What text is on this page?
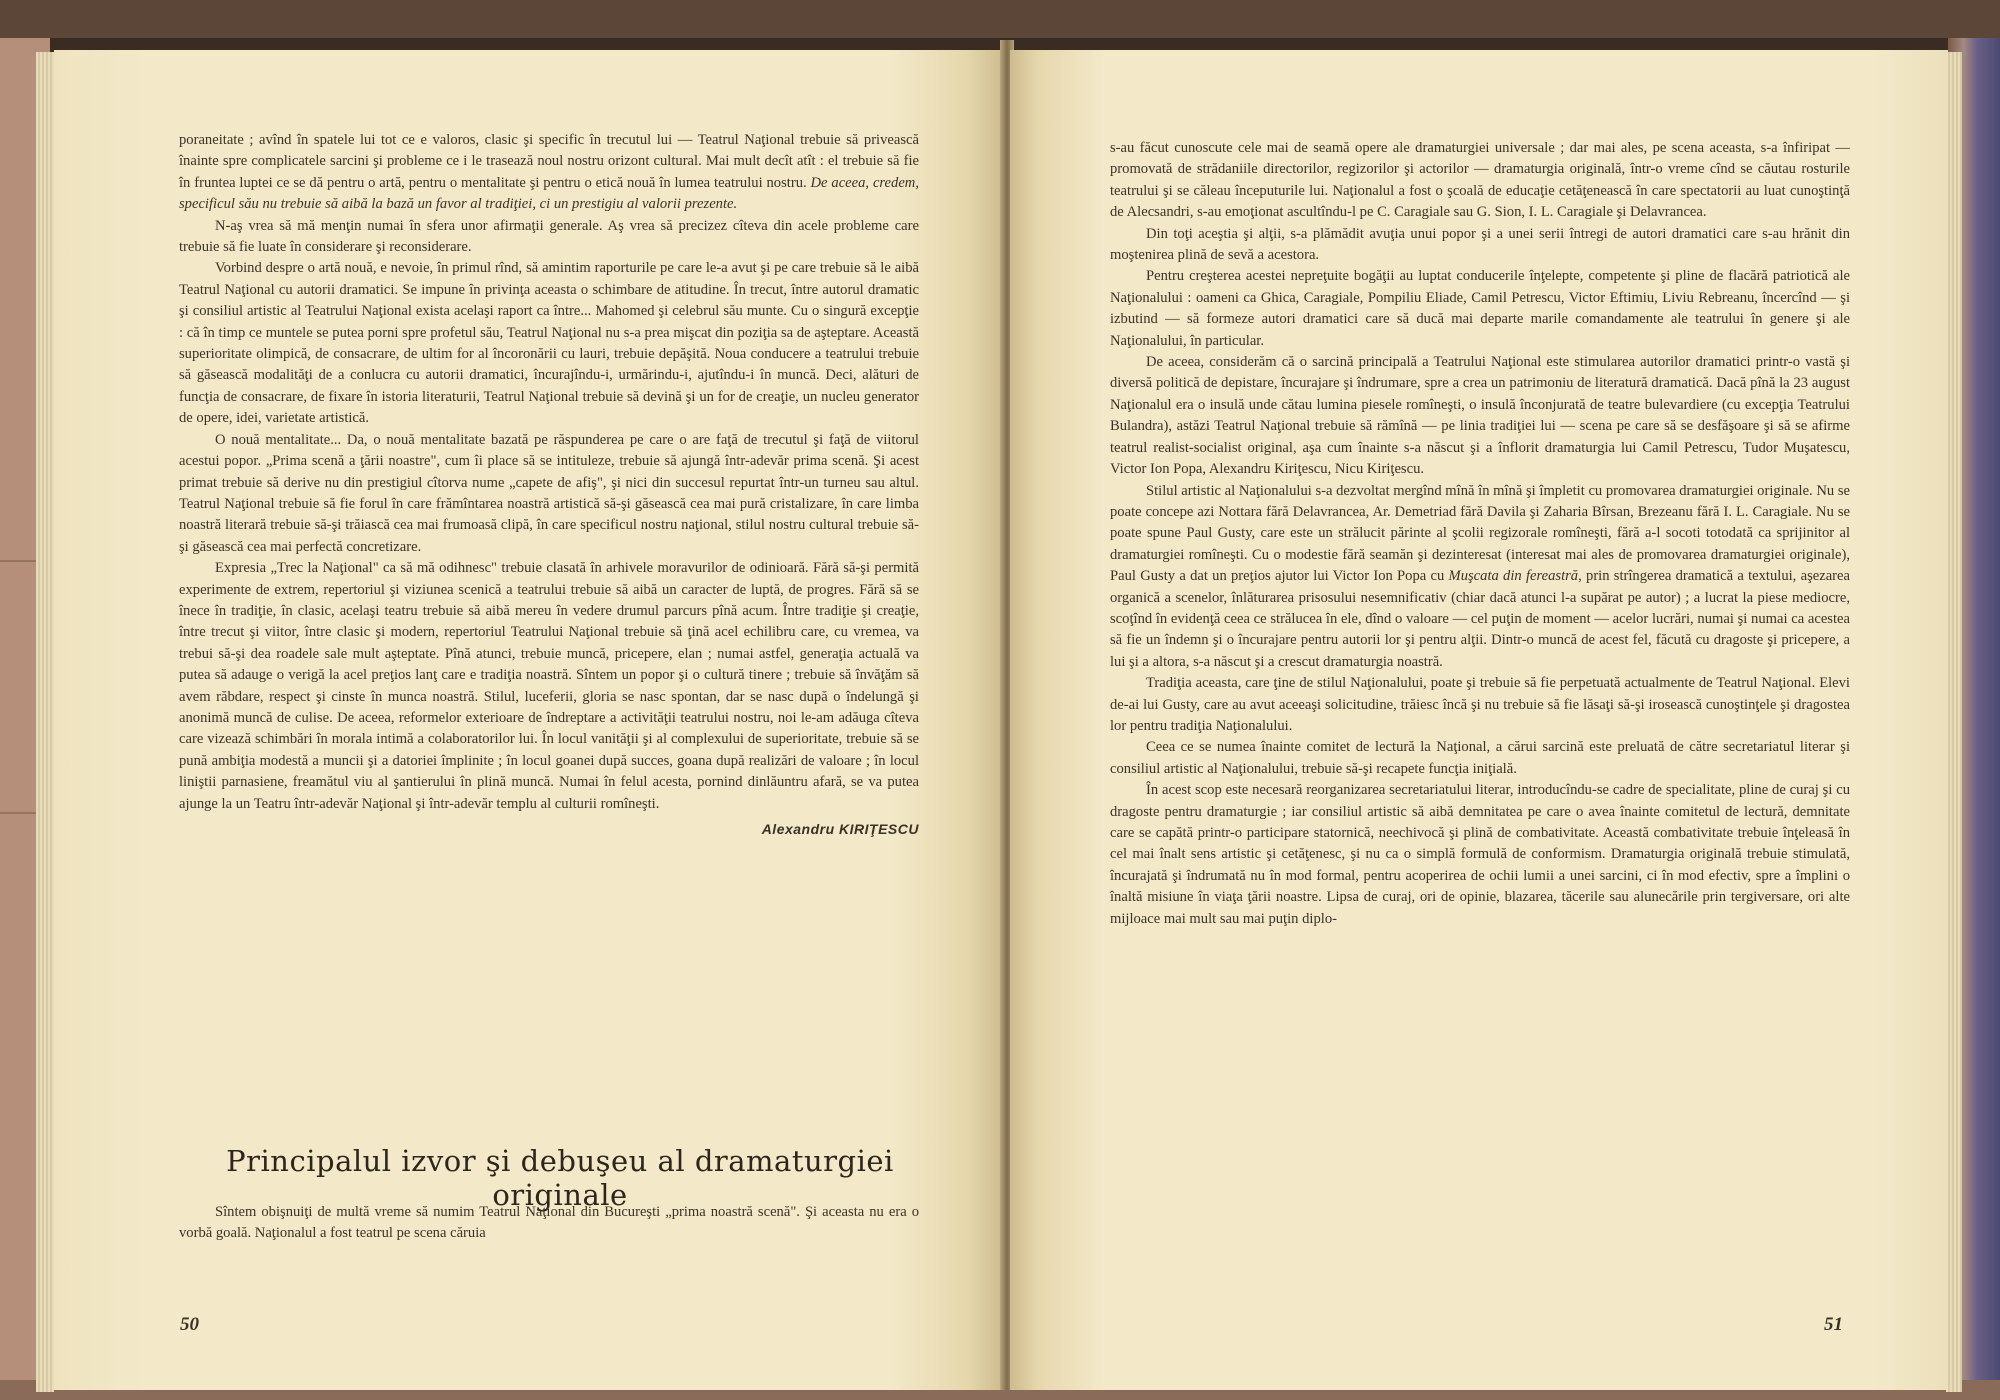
poraneitate ; avînd în spatele lui tot ce e valoros, clasic şi specific în trecutul lui — Teatrul Naţional trebuie să privească înainte spre complicatele sarcini şi probleme ce i le trasează noul nostru orizont cultural. Mai mult decît atît : el trebuie să fie în fruntea luptei ce se dă pentru o artă, pentru o mentalitate şi pentru o etică nouă în lumea teatrului nostru. De aceea, credem, specificul său nu trebuie să aibă la bază un favor al tradiţiei, ci un prestigiu al valorii prezente.

N-aş vrea să mă menţin numai în sfera unor afirmaţii generale. Aş vrea să precizez cîteva din acele probleme care trebuie să fie luate în considerare şi reconsiderare.

Vorbind despre o artă nouă, e nevoie, în primul rînd, să amintim raporturile pe care le-a avut şi pe care trebuie să le aibă Teatrul Naţional cu autorii dramatici. Se impune în privinţa aceasta o schimbare de atitudine. În trecut, între autorul dramatic şi consiliul artistic al Teatrului Naţional exista acelaşi raport ca între... Mahomed şi celebrul său munte. Cu o singură excepţie : că în timp ce muntele se putea porni spre profetul său, Teatrul Naţional nu s-a prea mişcat din poziţia sa de aşteptare. Această superioritate olimpică, de consacrare, de ultim for al încoronării cu lauri, trebuie depăşită. Noua conducere a teatrului trebuie să găsească modalităţi de a conlucra cu autorii dramatici, încurajîndu-i, urmărindu-i, ajutîndu-i în muncă. Deci, alături de funcţia de consacrare, de fixare în istoria literaturii, Teatrul Naţional trebuie să devină şi un for de creaţie, un nucleu generator de opere, idei, varietate artistică.

O nouă mentalitate... Da, o nouă mentalitate bazată pe răspunderea pe care o are faţă de trecutul şi faţă de viitorul acestui popor. „Prima scenă a ţării noastre", cum îi place să se intituleze, trebuie să ajungă într-adevăr prima scenă. Şi acest primat trebuie să derive nu din prestigiul cîtorva nume „capete de afiş", şi nici din succesul repurtat într-un turneu sau altul. Teatrul Naţional trebuie să fie forul în care frămîntarea noastră artistică să-şi găsească cea mai pură cristalizare, în care limba noastră literară trebuie să-şi trăiască cea mai frumoasă clipă, în care specificul nostru naţional, stilul nostru cultural trebuie să-şi găsească cea mai perfectă concretizare.

Expresia „Trec la Naţional" ca să mă odihnesc" trebuie clasată în arhivele moravurilor de odinioară. Fără să-şi permită experimente de extrem, repertoriul şi viziunea scenică a teatrului trebuie să aibă un caracter de luptă, de progres. Fără să se înece în tradiţie, în clasic, acelaşi teatru trebuie să aibă mereu în vedere drumul parcurs pînă acum. Între tradiţie şi creaţie, între trecut şi viitor, între clasic şi modern, repertoriul Teatrului Naţional trebuie să ţină acel echilibru care, cu vremea, va trebui să-şi dea roadele sale mult aşteptate. Pînă atunci, trebuie muncă, pricepere, elan ; numai astfel, generaţia actuală va putea să adauge o verigă la acel preţios lanţ care e tradiţia noastră. Sîntem un popor şi o cultură tinere ; trebuie să învăţăm să avem răbdare, respect şi cinste în munca noastră. Stilul, luceferii, gloria se nasc spontan, dar se nasc după o îndelungă şi anonimă muncă de culise. De aceea, reformelor exterioare de îndreptare a activităţii teatrului nostru, noi le-am adăuga cîteva care vizează schimbări în morala intimă a colaboratorilor lui. În locul vanităţii şi al complexului de superioritate, trebuie să se pună ambiţia modestă a muncii şi a datoriei împlinite ; în locul goanei după succes, goana după realizări de valoare ; în locul liniştii parnasiene, freamătul viu al şantierului în plină muncă. Numai în felul acesta, pornind dinlăuntru afară, se va putea ajunge la un Teatru într-adevăr Naţional şi într-adevăr templu al culturii romîneşti.

Alexandru KIRIŢESCU
Principalul izvor şi debuşeu al dramaturgiei originale

Sîntem obişnuiţi de multă vreme să numim Teatrul Naţional din Bucureşti „prima noastră scenă". Şi aceasta nu era o vorbă goală. Naţionalul a fost teatrul pe scena căruia

50

s-au făcut cunoscute cele mai de seamă opere ale dramaturgiei universale ; dar mai ales, pe scena aceasta, s-a înfiripat — promovată de strădaniile directorilor, regizorilor şi actorilor — dramaturgia originală, într-o vreme cînd se căutau rosturile teatrului şi se căleau începuturile lui. Naţionalul a fost o şcoală de educaţie cetăţenească în care spectatorii au luat cunoştinţă de Alecsandri, s-au emoţionat ascultîndu-l pe C. Caragiale sau G. Sion, I. L. Caragiale şi Delavrancea.

Din toţi aceştia şi alţii, s-a plămădit avuţia unui popor şi a unei serii întregi de autori dramatici care s-au hrănit din moştenirea plină de sevă a acestora.

Pentru creşterea acestei nepreţuite bogăţii au luptat conducerile înţelepte, competente şi pline de flacără patriotică ale Naţionalului : oameni ca Ghica, Caragiale, Pompiliu Eliade, Camil Petrescu, Victor Eftimiu, Liviu Rebreanu, încercînd — şi izbutind — să formeze autori dramatici care să ducă mai departe marile comandamente ale teatrului în genere şi ale Naţionalului, în particular.

De aceea, considerăm că o sarcină principală a Teatrului Naţional este stimularea autorilor dramatici printr-o vastă şi diversă politică de depistare, încurajare şi îndrumare, spre a crea un patrimoniu de literatură dramatică. Dacă pînă la 23 august Naţionalul era o insulă unde cătau lumina piesele romîneşti, o insulă înconjurată de teatre bulevardiere (cu excepţia Teatrului Bulandra), astăzi Teatrul Naţional trebuie să rămînă — pe linia tradiţiei lui — scena pe care să se desfăşoare şi să se afirme teatrul realist-socialist original, aşa cum înainte s-a născut şi a înflorit dramaturgia lui Camil Petrescu, Tudor Muşatescu, Victor Ion Popa, Alexandru Kiriţescu, Nicu Kiriţescu.

Stilul artistic al Naţionalului s-a dezvoltat mergînd mînă în mînă şi împletit cu promovarea dramaturgiei originale. Nu se poate concepe azi Nottara fără Delavrancea, Ar. Demetriad fără Davila şi Zaharia Bîrsan, Brezeanu fără I. L. Caragiale. Nu se poate spune Paul Gusty, care este un strălucit părinte al şcolii regizorale romîneşti, fără a-l socoti totodată ca sprijinitor al dramaturgiei romîneşti. Cu o modestie fără seamăn şi dezinteresat (interesat mai ales de promovarea dramaturgiei originale), Paul Gusty a dat un preţios ajutor lui Victor Ion Popa cu Muşcata din fereastră, prin strîngerea dramatică a textului, aşezarea organică a scenelor, înlăturarea prisosului nesemnificativ (chiar dacă atunci l-a supărat pe autor) ; a lucrat la piese mediocre, scoţînd în evidenţă ceea ce strălucea în ele, dînd o valoare — cel puţin de moment — acelor lucrări, numai şi numai ca acestea să fie un îndemn şi o încurajare pentru autorii lor şi pentru alţii. Dintr-o muncă de acest fel, făcută cu dragoste şi pricepere, a lui şi a altora, s-a născut şi a crescut dramaturgia noastră.

Tradiţia aceasta, care ţine de stilul Naţionalului, poate şi trebuie să fie perpetuată actualmente de Teatrul Naţional. Elevi de-ai lui Gusty, care au avut aceeaşi solicitudine, trăiesc încă şi nu trebuie să fie lăsaţi să-şi irosească cunoştinţele şi dragostea lor pentru tradiţia Naţionalului.

Ceea ce se numea înainte comitet de lectură la Naţional, a cărui sarcină este preluată de către secretariatul literar şi consiliul artistic al Naţionalului, trebuie să-şi recapete funcţia iniţială.

În acest scop este necesară reorganizarea secretariatului literar, introducîndu-se cadre de specialitate, pline de curaj şi cu dragoste pentru dramaturgie ; iar consiliul artistic să aibă demnitatea pe care o avea înainte comitetul de lectură, demnitate care se capătă printr-o participare statornică, neechivocă şi plină de combativitate. Această combativitate trebuie înţeleasă în cel mai înalt sens artistic şi cetăţenesc, şi nu ca o simplă formulă de conformism. Dramaturgia originală trebuie stimulată, încurajată şi îndrumată nu în mod formal, pentru acoperirea de ochii lumii a unei sarcini, ci în mod efectiv, spre a împlini o înaltă misiune în viaţa ţării noastre. Lipsa de curaj, ori de opinie, blazarea, tăcerile sau alunecările prin tergiversare, ori alte mijloace mai mult sau mai puţin diplo-

51
